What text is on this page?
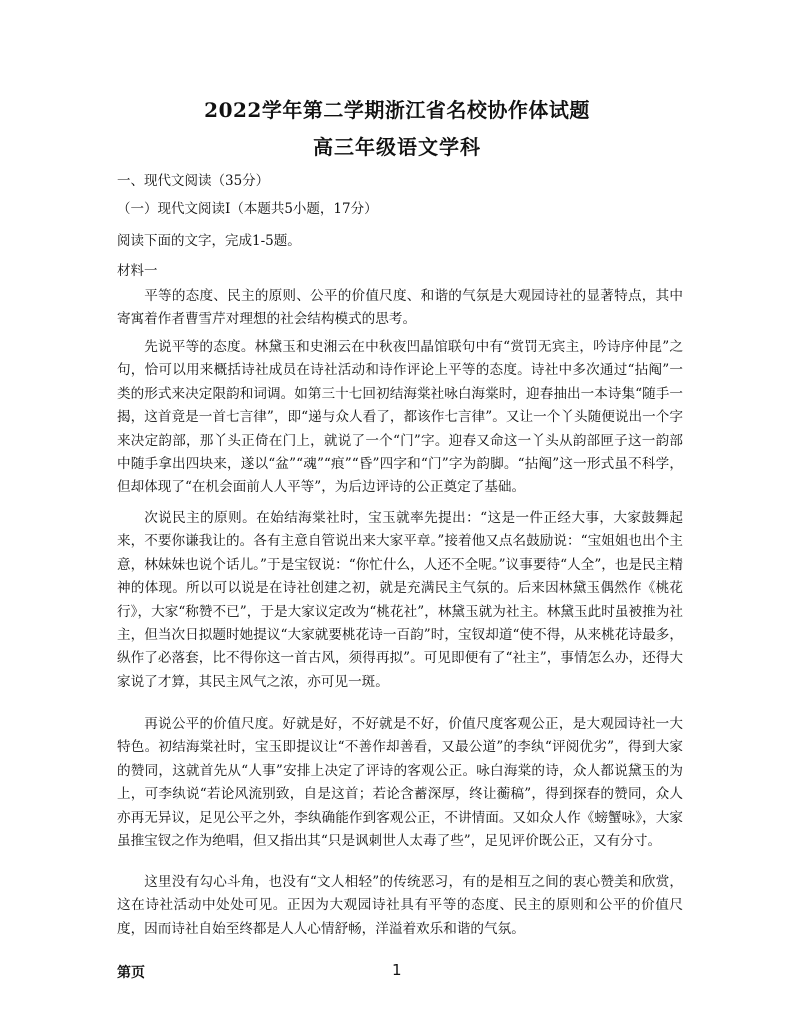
2022学年第二学期浙江省名校协作体试题
高三年级语文学科
一、现代文阅读（35分）
（一）现代文阅读Ⅰ（本题共5小题，17分）
阅读下面的文字，完成1-5题。
材料一

平等的态度、民主的原则、公平的价值尺度、和谐的气氛是大观园诗社的显著特点，其中寄寓着作者曹雪芹对理想的社会结构模式的思考。

先说平等的态度。林黛玉和史湘云在中秋夜凹晶馆联句中有“赏罚无宾主，吟诗序仲昆”之句，恰可以用来概括诗社成员在诗社活动和诗作评论上平等的态度。诗社中多次通过“拈阄”一类的形式来决定限韵和词调。如第三十七回初结海棠社咏白海棠时，迎春抽出一本诗集“随手一揭，这首竟是一首七言律”，即“递与众人看了，都该作七言律”。又让一个丫头随便说出一个字来决定韵部，那丫头正倚在门上，就说了一个“门”字。迎春又命这一丫头从韵部匣子这一韵部中随手拿出四块来，遂以“盆”“魂”“痕”“昏”四字和“门”字为韵脚。“拈阄”这一形式虽不科学，但却体现了“在机会面前人人平等”，为后边评诗的公正奠定了基础。

次说民主的原则。在始结海棠社时，宝玉就率先提出：“这是一件正经大事，大家鼓舞起来，不要你谦我让的。各有主意自管说出来大家平章。”接着他又点名鼓励说：“宝姐姐也出个主意，林妹妹也说个话儿。”于是宝钗说：“你忙什么，人还不全呢。”议事要待“人全”，也是民主精神的体现。所以可以说是在诗社创建之初，就是充满民主气氛的。后来因林黛玉偶然作《桃花行》，大家“称赞不已”，于是大家议定改为“桃花社”，林黛玉就为社主。林黛玉此时虽被推为社主，但当次日拟题时她提议“大家就要桃花诗一百韵”时，宝钗却道“使不得，从来桃花诗最多，纵作了必落套，比不得你这一首古风，须得再拟”。可见即便有了“社主”，事情怎么办，还得大家说了才算，其民主风气之浓，亦可见一斑。

再说公平的价值尺度。好就是好，不好就是不好，价值尺度客观公正，是大观园诗社一大特色。初结海棠社时，宝玉即提议让“不善作却善看，又最公道”的李纨“评阅优劣”，得到大家的赞同，这就首先从“人事”安排上决定了评诗的客观公正。咏白海棠的诗，众人都说黛玉的为上，可李纨说“若论风流别致，自是这首；若论含蓄深厚，终让蘅稿”，得到探春的赞同，众人亦再无异议，足见公平之外，李纨确能作到客观公正，不讲情面。又如众人作《螃蟹咏》，大家虽推宝钗之作为绝唱，但又指出其“只是讽刺世人太毒了些”，足见评价既公正，又有分寸。

这里没有勾心斗角，也没有“文人相轻”的传统恶习，有的是相互之间的衷心赞美和欣赏，这在诗社活动中处处可见。正因为大观园诗社具有平等的态度、民主的原则和公平的价值尺度，因而诗社自始至终都是人人心情舒畅，洋溢着欢乐和谐的气氛。

第页	1
